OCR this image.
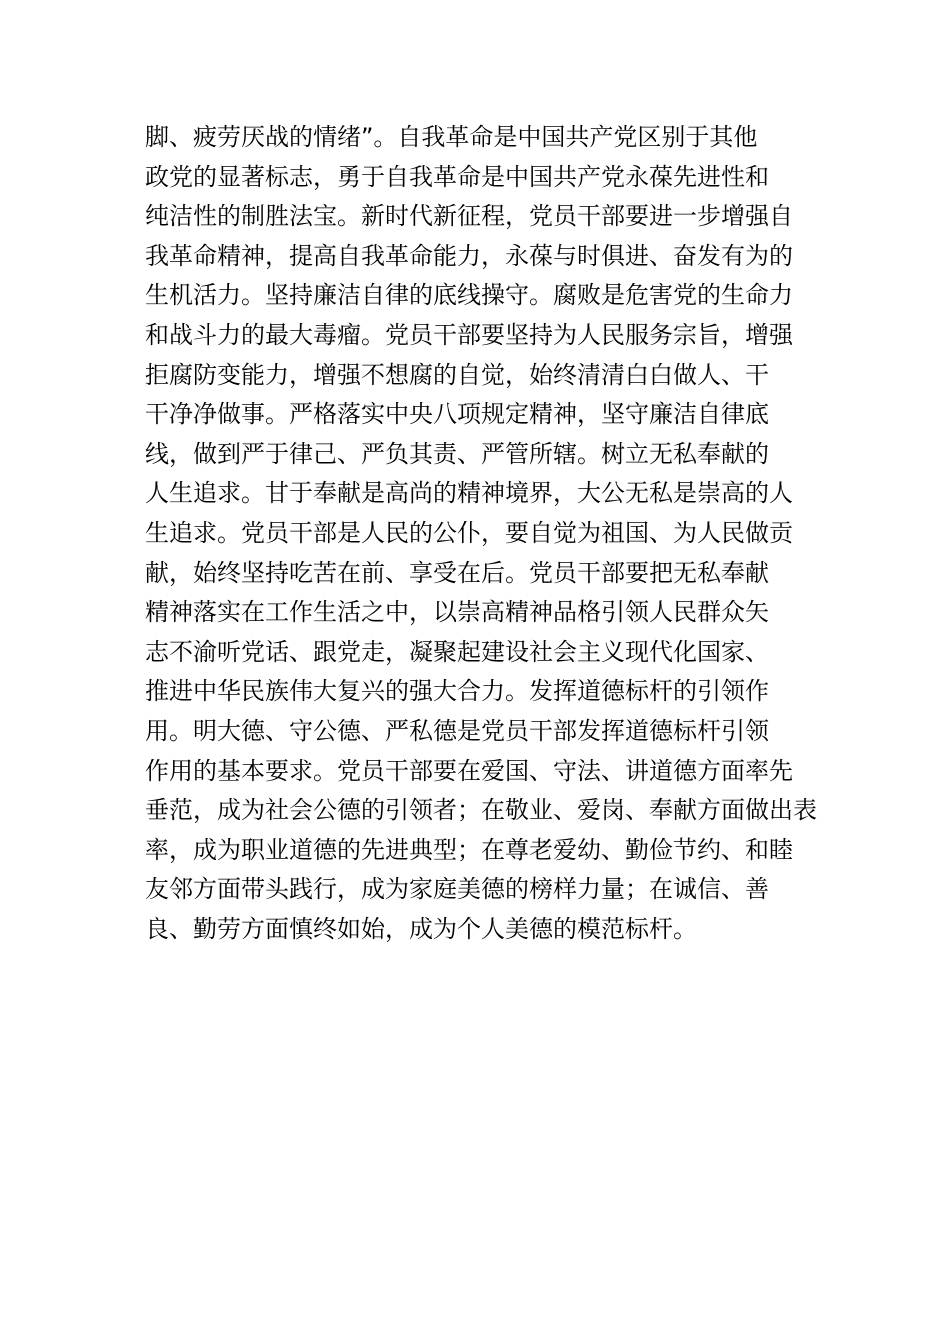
脚、疲劳厌战的情绪”。自我革命是中国共产党区别于其他
政党的显著标志，勇于自我革命是中国共产党永葆先进性和
纯洁性的制胜法宝。新时代新征程，党员干部要进一步增强自
我革命精神，提高自我革命能力，永葆与时俱进、奋发有为的
生机活力。坚持廉洁自律的底线操守。腐败是危害党的生命力
和战斗力的最大毒瘤。党员干部要坚持为人民服务宗旨，增强
拒腐防变能力，增强不想腐的自觉，始终清清白白做人、干
干净净做事。严格落实中央八项规定精神，坚守廉洁自律底
线，做到严于律己、严负其责、严管所辖。树立无私奉献的
人生追求。甘于奉献是高尚的精神境界，大公无私是崇高的人
生追求。党员干部是人民的公仆，要自觉为祖国、为人民做贡
献，始终坚持吃苦在前、享受在后。党员干部要把无私奉献
精神落实在工作生活之中，以崇高精神品格引领人民群众矢
志不渝听党话、跟党走，凝聚起建设社会主义现代化国家、
推进中华民族伟大复兴的强大合力。发挥道德标杆的引领作
用。明大德、守公德、严私德是党员干部发挥道德标杆引领
作用的基本要求。党员干部要在爱国、守法、讲道德方面率先
垂范，成为社会公德的引领者；在敬业、爱岗、奉献方面做出表
率，成为职业道德的先进典型；在尊老爱幼、勤俭节约、和睦
友邻方面带头践行，成为家庭美德的榜样力量；在诚信、善
良、勤劳方面慎终如始，成为个人美德的模范标杆。
